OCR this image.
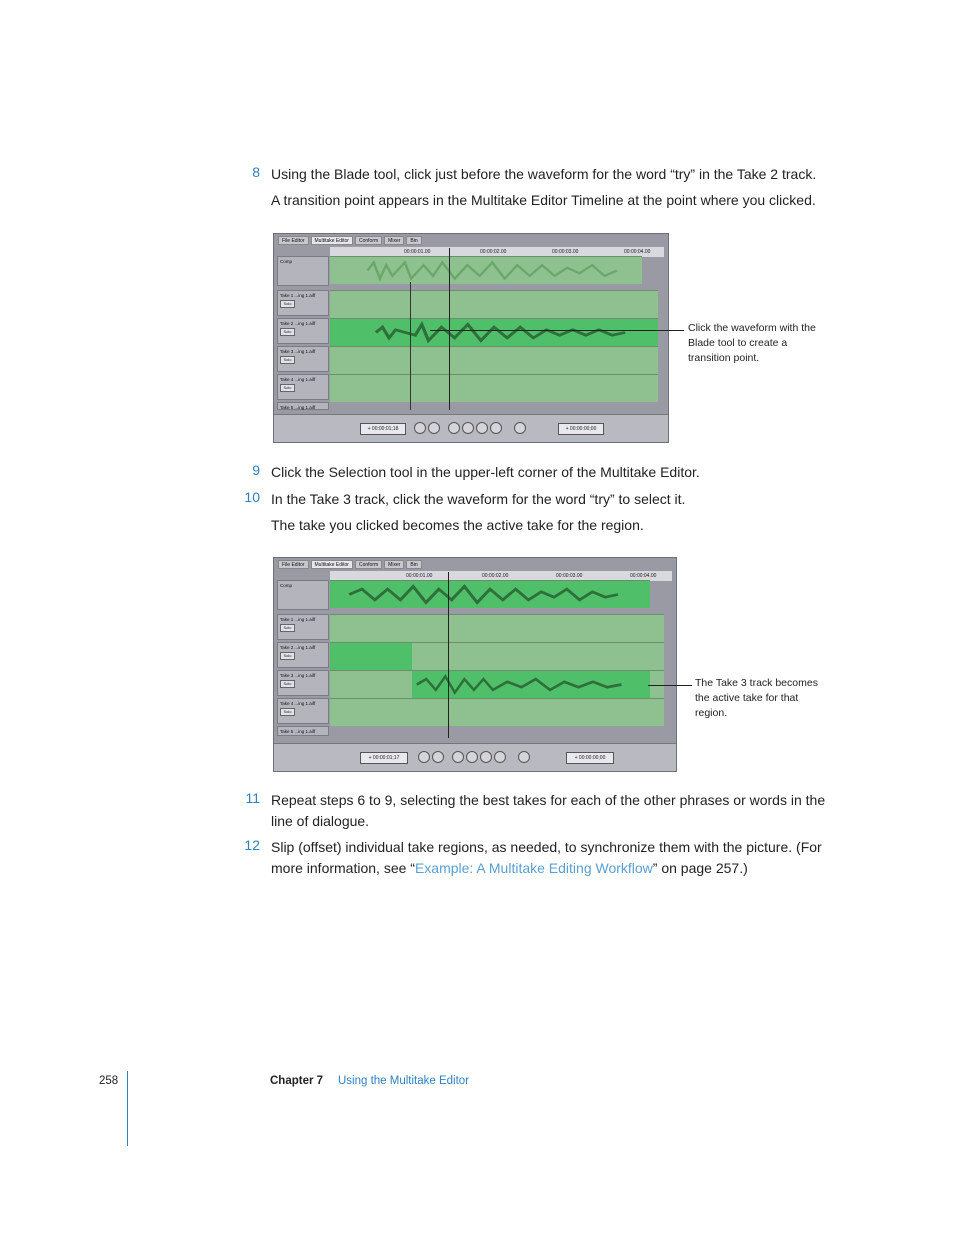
8 Using the Blade tool, click just before the waveform for the word “try” in the Take 2 track.
A transition point appears in the Multitake Editor Timeline at the point where you clicked.
File Editor	Multitake Editor	Conform	Mixer	Bin
00:00:01.00	00:00:02.00	00:00:03.00	00:00:04.00
Comp
Take 1 ...ing 1.aiff
Solo
Take 2 ...ing 1.aiff
Solo
Take 3 ...ing 1.aiff
Solo
Take 4 ...ing 1.aiff
Solo
Take 5 ...ing 1.aiff
+ 00:00:01;18	+ 00:00:00;00
Click the waveform with the Blade tool to create a transition point.
9 Click the Selection tool in the upper-left corner of the Multitake Editor.
10 In the Take 3 track, click the waveform for the word “try” to select it.
The take you clicked becomes the active take for the region.
File Editor	Multitake Editor	Conform	Mixer	Bin
00:00:01.00	00:00:02.00	00:00:03.00	00:00:04.00
Comp
Take 1 ...ing 1.aiff
Solo
Take 2 ...ing 1.aiff
Solo
Take 3 ...ing 1.aiff
Solo
Take 4 ...ing 1.aiff
Solo
Take 5 ...ing 1.aiff
+ 00:00:01;17	+ 00:00:00;00
The Take 3 track becomes the active take for that region.
11 Repeat steps 6 to 9, selecting the best takes for each of the other phrases or words in the line of dialogue.
12 Slip (offset) individual take regions, as needed, to synchronize them with the picture. (For more information, see “Example: A Multitake Editing Workflow” on page 257.)
258	Chapter 7 Using the Multitake Editor
